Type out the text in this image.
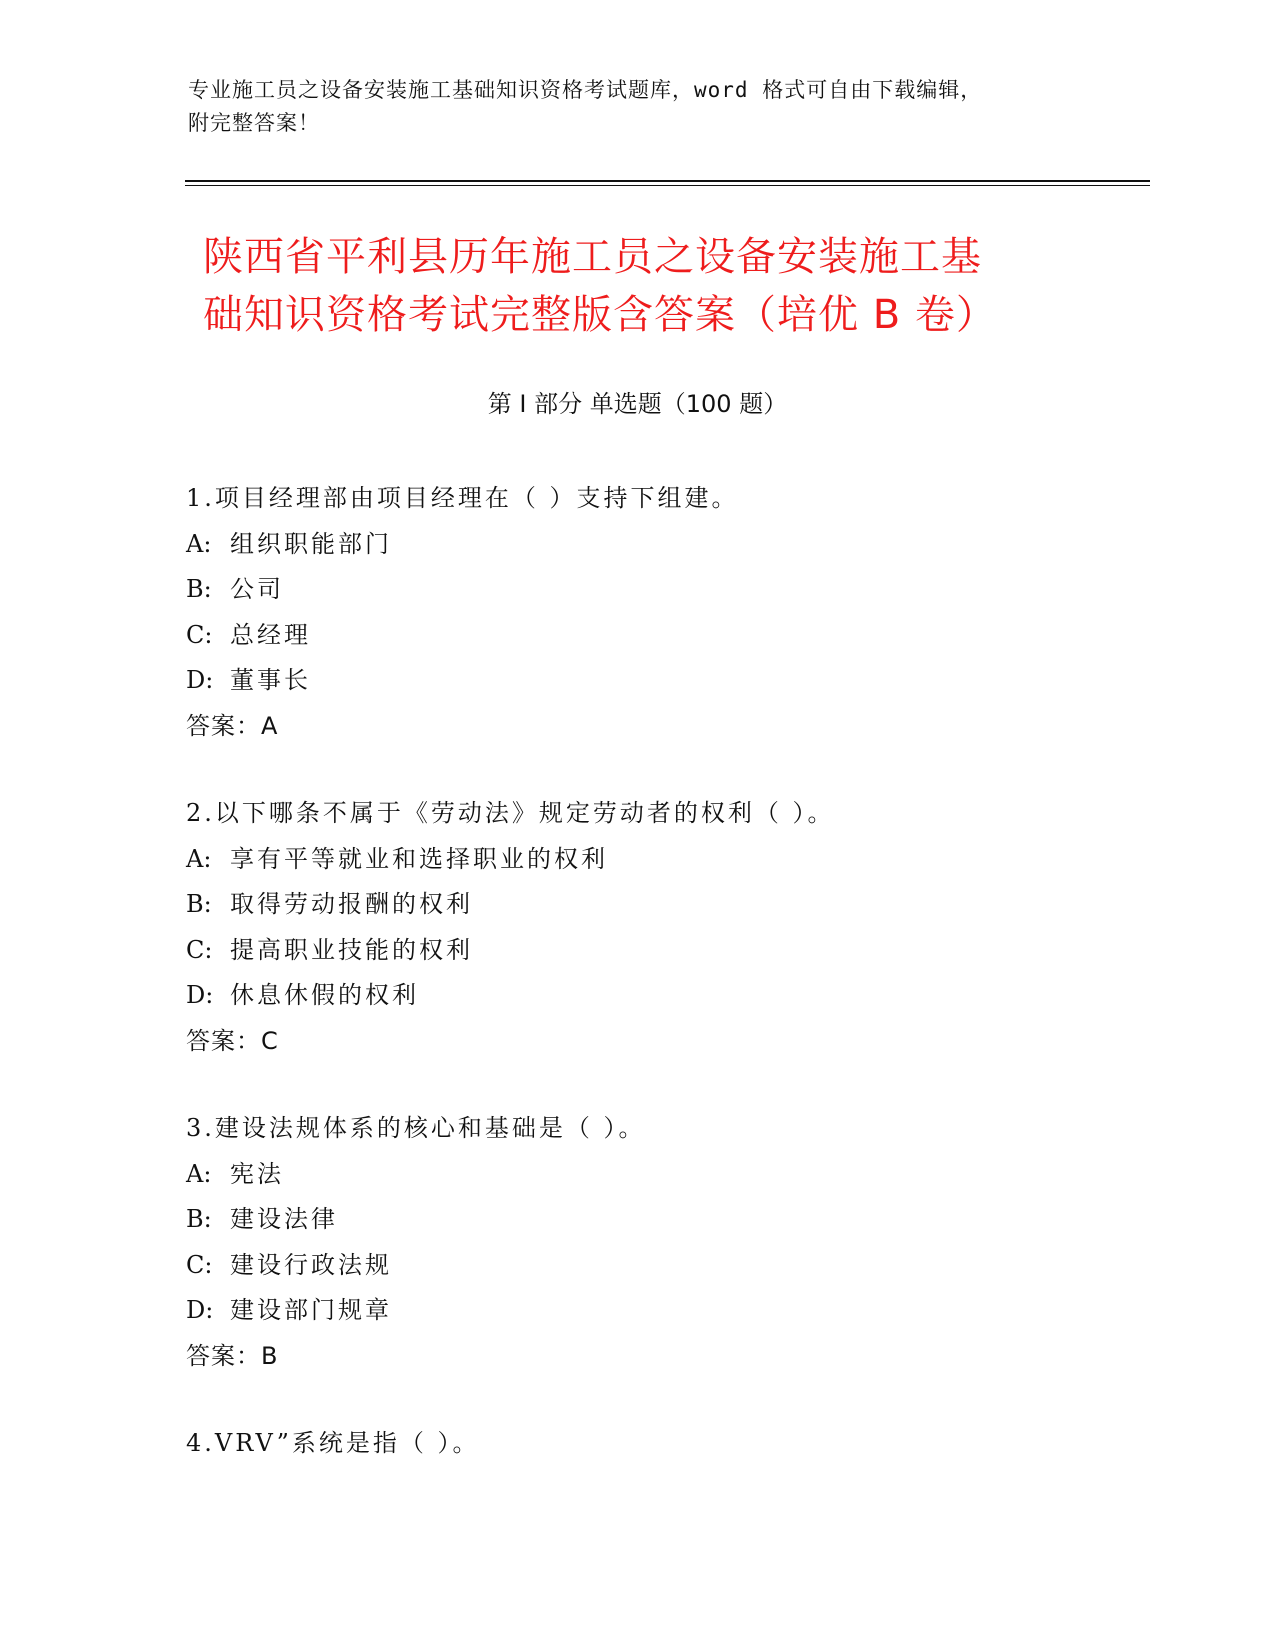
专业施工员之设备安装施工基础知识资格考试题库，word 格式可自由下载编辑，
附完整答案！
陕西省平利县历年施工员之设备安装施工基
础知识资格考试完整版含答案（培优 B 卷）
第 I 部分 单选题（100 题）
1.项目经理部由项目经理在（ ）支持下组建。
A: 组织职能部门
B: 公司
C: 总经理
D: 董事长
答案：A
2.以下哪条不属于《劳动法》规定劳动者的权利（ ）。
A: 享有平等就业和选择职业的权利
B: 取得劳动报酬的权利
C: 提高职业技能的权利
D: 休息休假的权利
答案：C
3.建设法规体系的核心和基础是（ ）。
A: 宪法
B: 建设法律
C: 建设行政法规
D: 建设部门规章
答案：B
4.VRV”系统是指（ ）。
